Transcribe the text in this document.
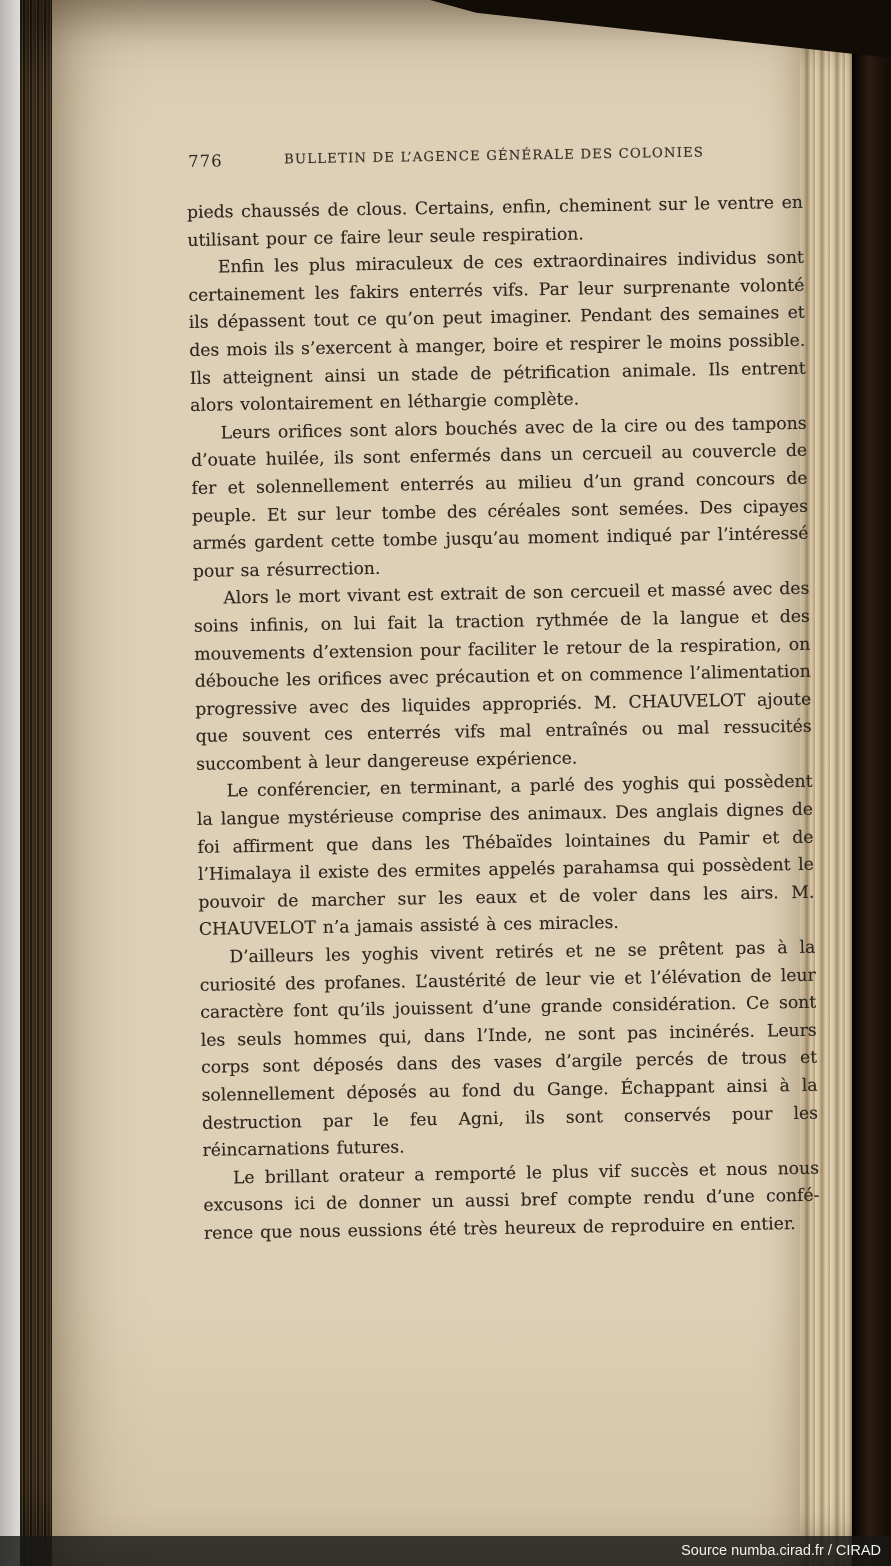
776	BULLETIN DE L’AGENCE GÉNÉRALE DES COLONIES

pieds chaussés de clous. Certains, enfin, cheminent sur le ventre en utilisant pour ce faire leur seule respiration.

Enfin les plus miraculeux de ces extraordinaires individus sont certainement les fakirs enterrés vifs. Par leur surprenante volonté ils dépassent tout ce qu’on peut imaginer. Pendant des semaines et des mois ils s’exercent à manger, boire et respirer le moins possible. Ils atteignent ainsi un stade de pétrification animale. Ils entrent alors volontairement en léthargie complète.

Leurs orifices sont alors bouchés avec de la cire ou des tampons d’ouate huilée, ils sont enfermés dans un cercueil au couvercle de fer et solennellement enterrés au milieu d’un grand concours de peuple. Et sur leur tombe des céréales sont semées. Des cipayes armés gardent cette tombe jusqu’au moment indiqué par l’intéressé pour sa résurrection.

Alors le mort vivant est extrait de son cercueil et massé avec des soins infinis, on lui fait la traction rythmée de la langue et des mouvements d’extension pour faciliter le retour de la respiration, on débouche les orifices avec précaution et on commence l’alimentation progressive avec des liquides appropriés. M. CHAUVELOT ajoute que souvent ces enterrés vifs mal entraînés ou mal ressucités succombent à leur dangereuse expérience.

Le conférencier, en terminant, a parlé des yoghis qui possèdent la langue mystérieuse comprise des animaux. Des anglais dignes de foi affirment que dans les Thébaïdes lointaines du Pamir et de l’Himalaya il existe des ermites appelés parahamsa qui possèdent le pouvoir de marcher sur les eaux et de voler dans les airs. M. CHAUVELOT n’a jamais assisté à ces miracles.

D’ailleurs les yoghis vivent retirés et ne se prêtent pas à la curiosité des profanes. L’austérité de leur vie et l’élévation de leur caractère font qu’ils jouissent d’une grande considération. Ce sont les seuls hommes qui, dans l’Inde, ne sont pas incinérés. Leurs corps sont déposés dans des vases d’argile percés de trous et solennellement déposés au fond du Gange. Échappant ainsi à la destruction par le feu Agni, ils sont conservés pour les réincarnations futures.

Le brillant orateur a remporté le plus vif succès et nous nous excusons ici de donner un aussi bref compte rendu d’une conférence que nous eussions été très heureux de reproduire en entier.

Source numba.cirad.fr / CIRAD
